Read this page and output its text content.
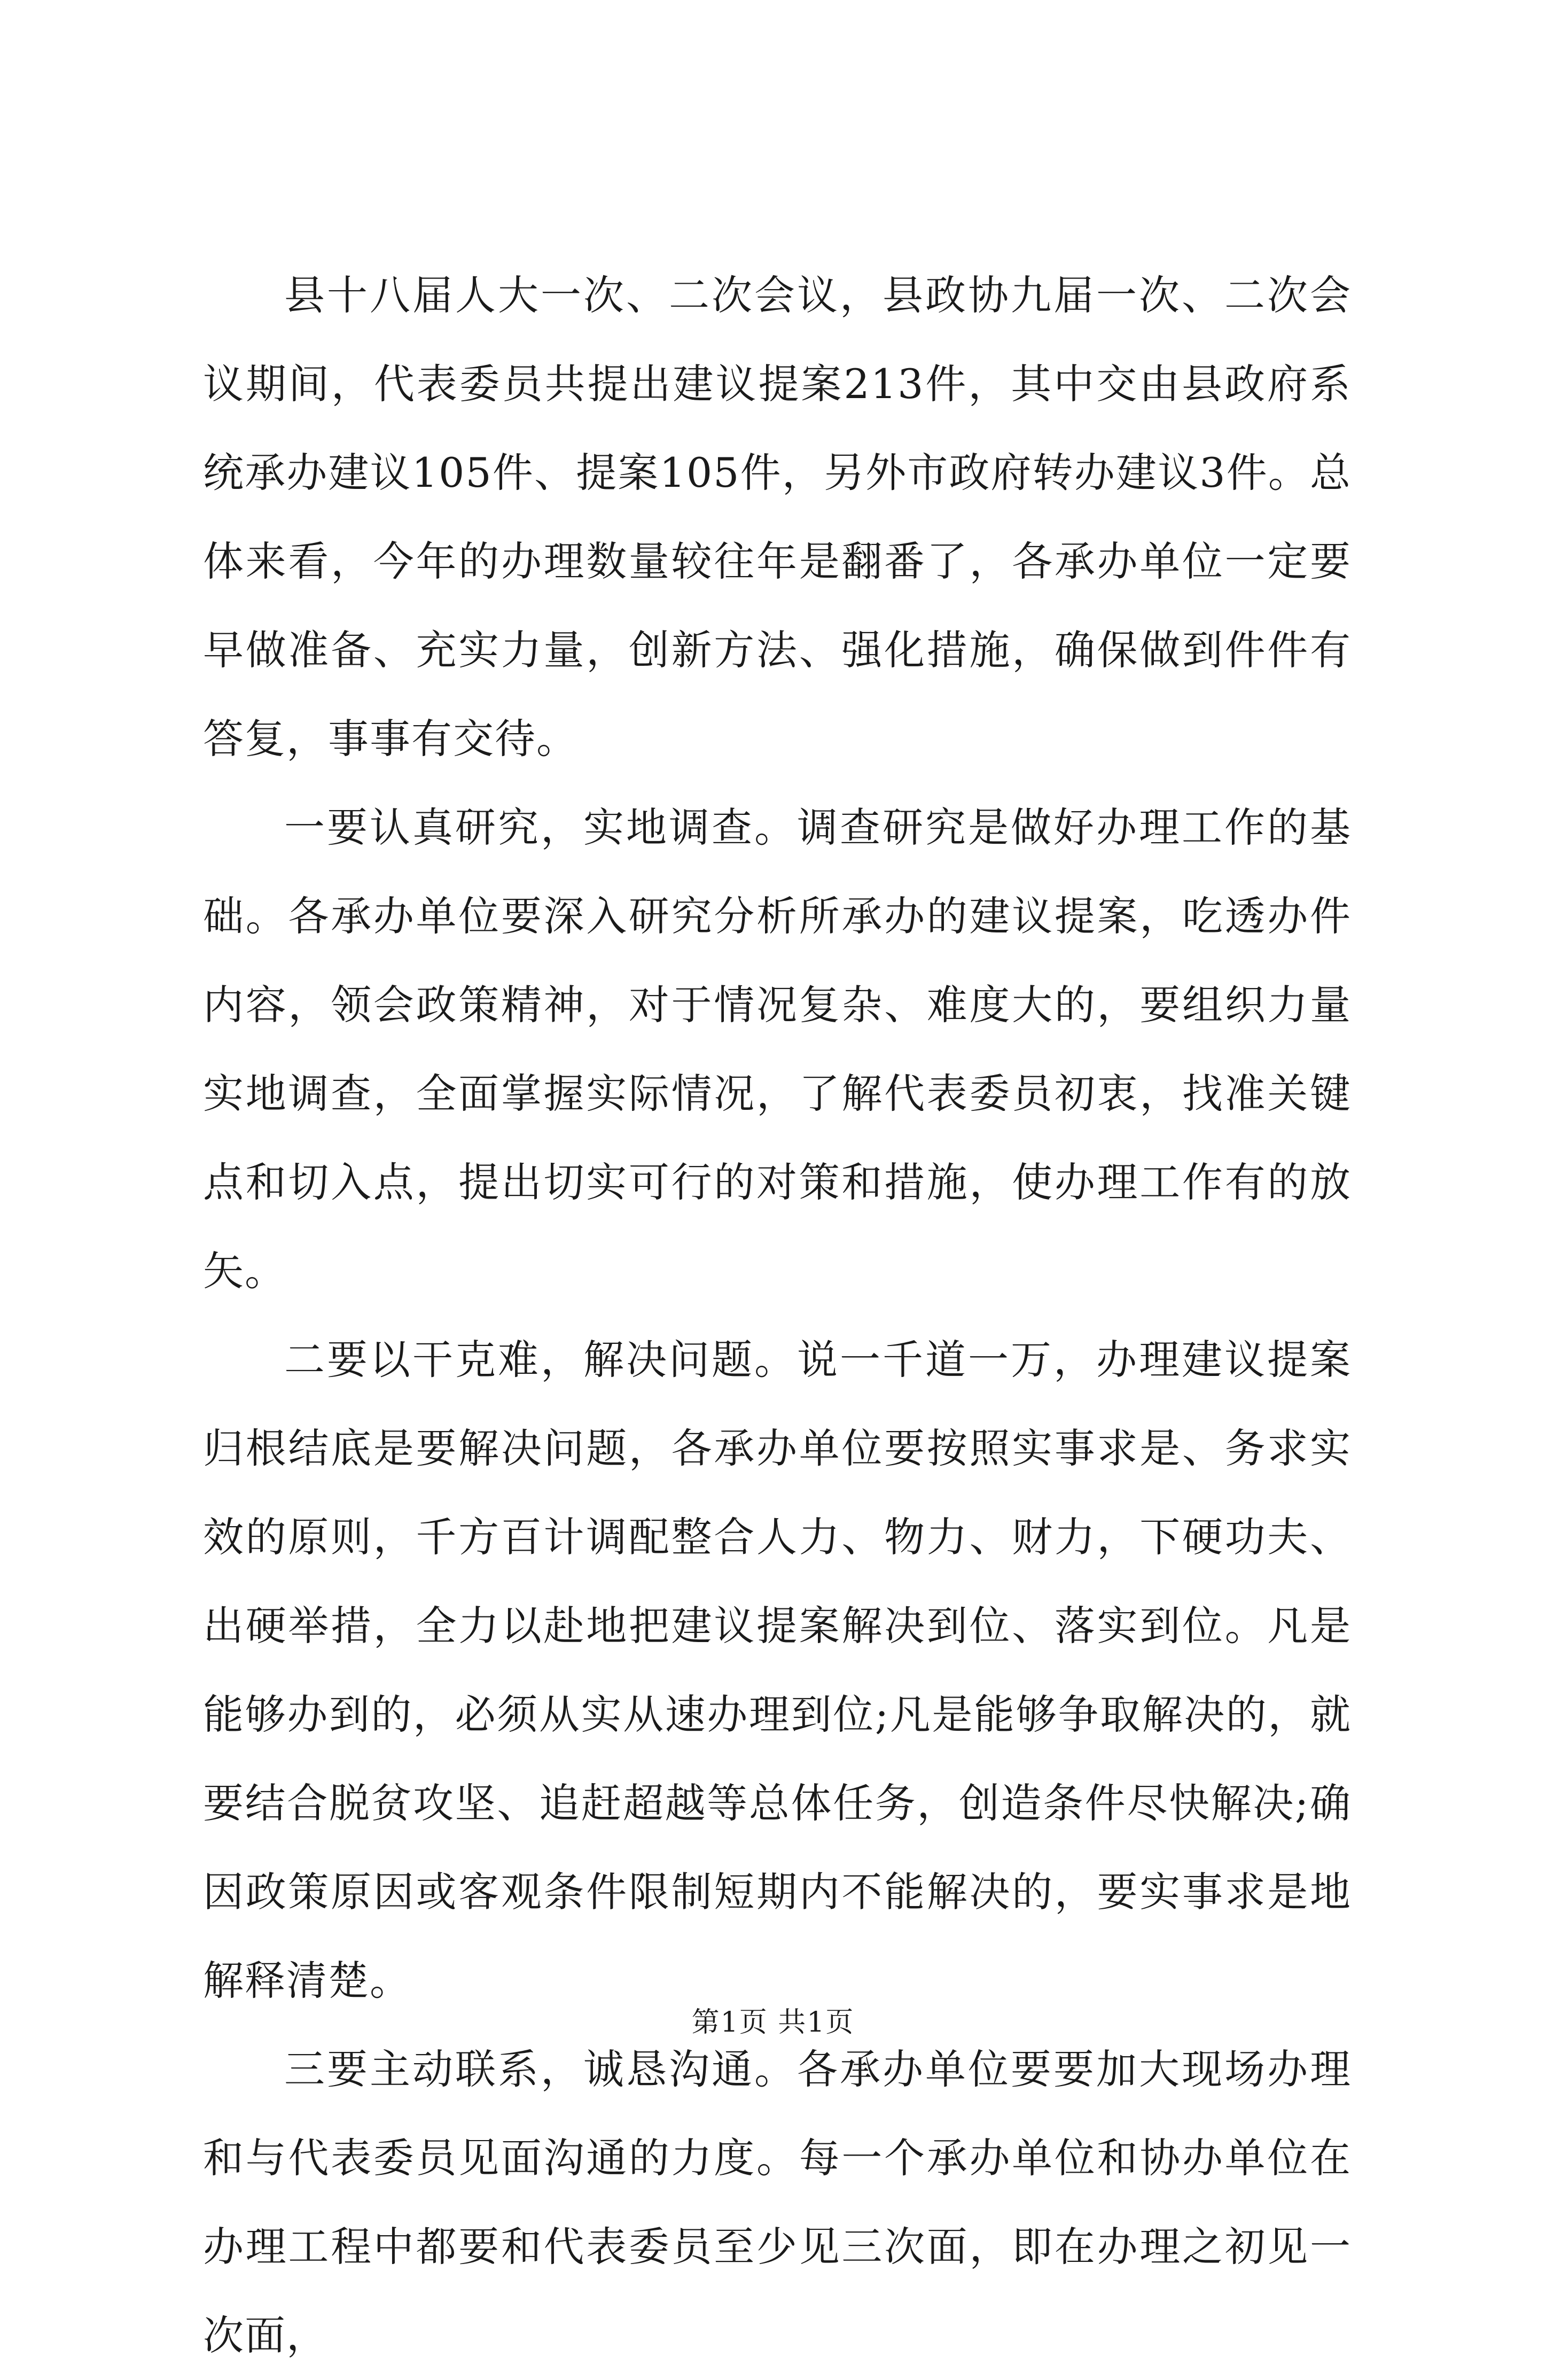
县十八届人大一次、二次会议，县政协九届一次、二次会议期间，代表委员共提出建议提案213件，其中交由县政府系统承办建议105件、提案105件，另外市政府转办建议3件。总体来看，今年的办理数量较往年是翻番了，各承办单位一定要早做准备、充实力量，创新方法、强化措施，确保做到件件有答复，事事有交待。

一要认真研究，实地调查。调查研究是做好办理工作的基础。各承办单位要深入研究分析所承办的建议提案，吃透办件内容，领会政策精神，对于情况复杂、难度大的，要组织力量实地调查，全面掌握实际情况，了解代表委员初衷，找准关键点和切入点，提出切实可行的对策和措施，使办理工作有的放矢。

二要以干克难，解决问题。说一千道一万，办理建议提案归根结底是要解决问题，各承办单位要按照实事求是、务求实效的原则，千方百计调配整合人力、物力、财力，下硬功夫、出硬举措，全力以赴地把建议提案解决到位、落实到位。凡是能够办到的，必须从实从速办理到位;凡是能够争取解决的，就要结合脱贫攻坚、追赶超越等总体任务，创造条件尽快解决;确因政策原因或客观条件限制短期内不能解决的，要实事求是地解释清楚。

三要主动联系，诚恳沟通。各承办单位要要加大现场办理和与代表委员见面沟通的力度。每一个承办单位和协办单位在办理工程中都要和代表委员至少见三次面，即在办理之初见一次面，

第1页 共1页
